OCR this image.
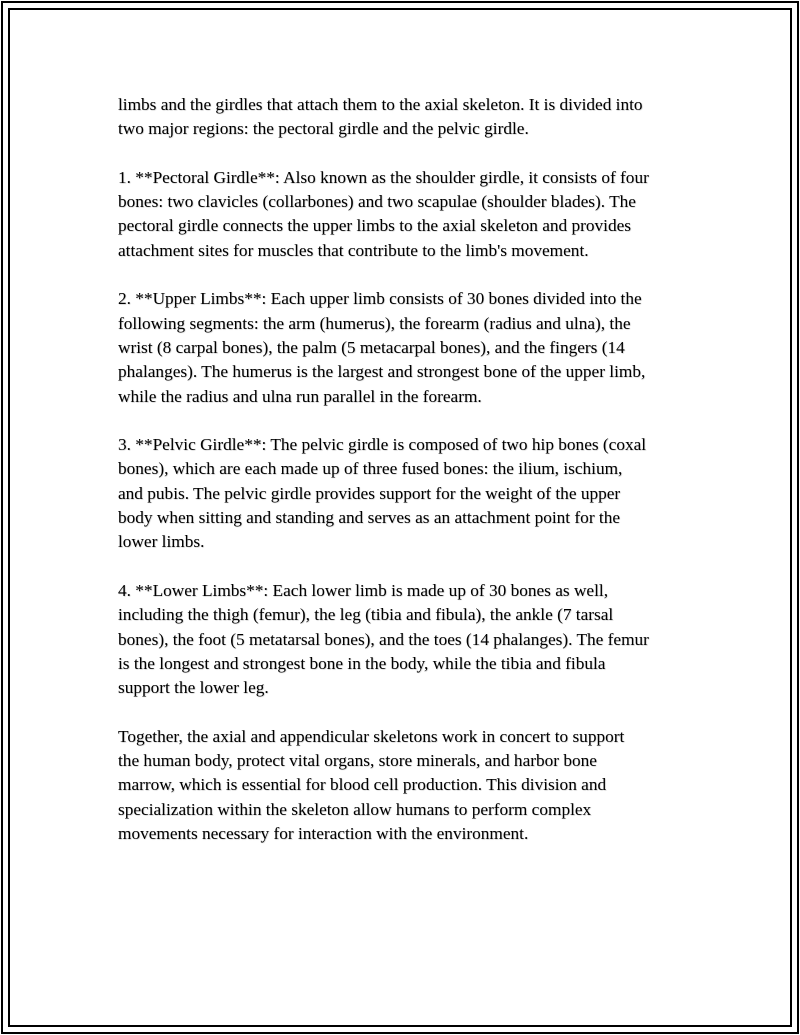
limbs and the girdles that attach them to the axial skeleton. It is divided into
two major regions: the pectoral girdle and the pelvic girdle.

1. **Pectoral Girdle**: Also known as the shoulder girdle, it consists of four
bones: two clavicles (collarbones) and two scapulae (shoulder blades). The
pectoral girdle connects the upper limbs to the axial skeleton and provides
attachment sites for muscles that contribute to the limb's movement.

2. **Upper Limbs**: Each upper limb consists of 30 bones divided into the
following segments: the arm (humerus), the forearm (radius and ulna), the
wrist (8 carpal bones), the palm (5 metacarpal bones), and the fingers (14
phalanges). The humerus is the largest and strongest bone of the upper limb,
while the radius and ulna run parallel in the forearm.

3. **Pelvic Girdle**: The pelvic girdle is composed of two hip bones (coxal
bones), which are each made up of three fused bones: the ilium, ischium,
and pubis. The pelvic girdle provides support for the weight of the upper
body when sitting and standing and serves as an attachment point for the
lower limbs.

4. **Lower Limbs**: Each lower limb is made up of 30 bones as well,
including the thigh (femur), the leg (tibia and fibula), the ankle (7 tarsal
bones), the foot (5 metatarsal bones), and the toes (14 phalanges). The femur
is the longest and strongest bone in the body, while the tibia and fibula
support the lower leg.

Together, the axial and appendicular skeletons work in concert to support
the human body, protect vital organs, store minerals, and harbor bone
marrow, which is essential for blood cell production. This division and
specialization within the skeleton allow humans to perform complex
movements necessary for interaction with the environment.
